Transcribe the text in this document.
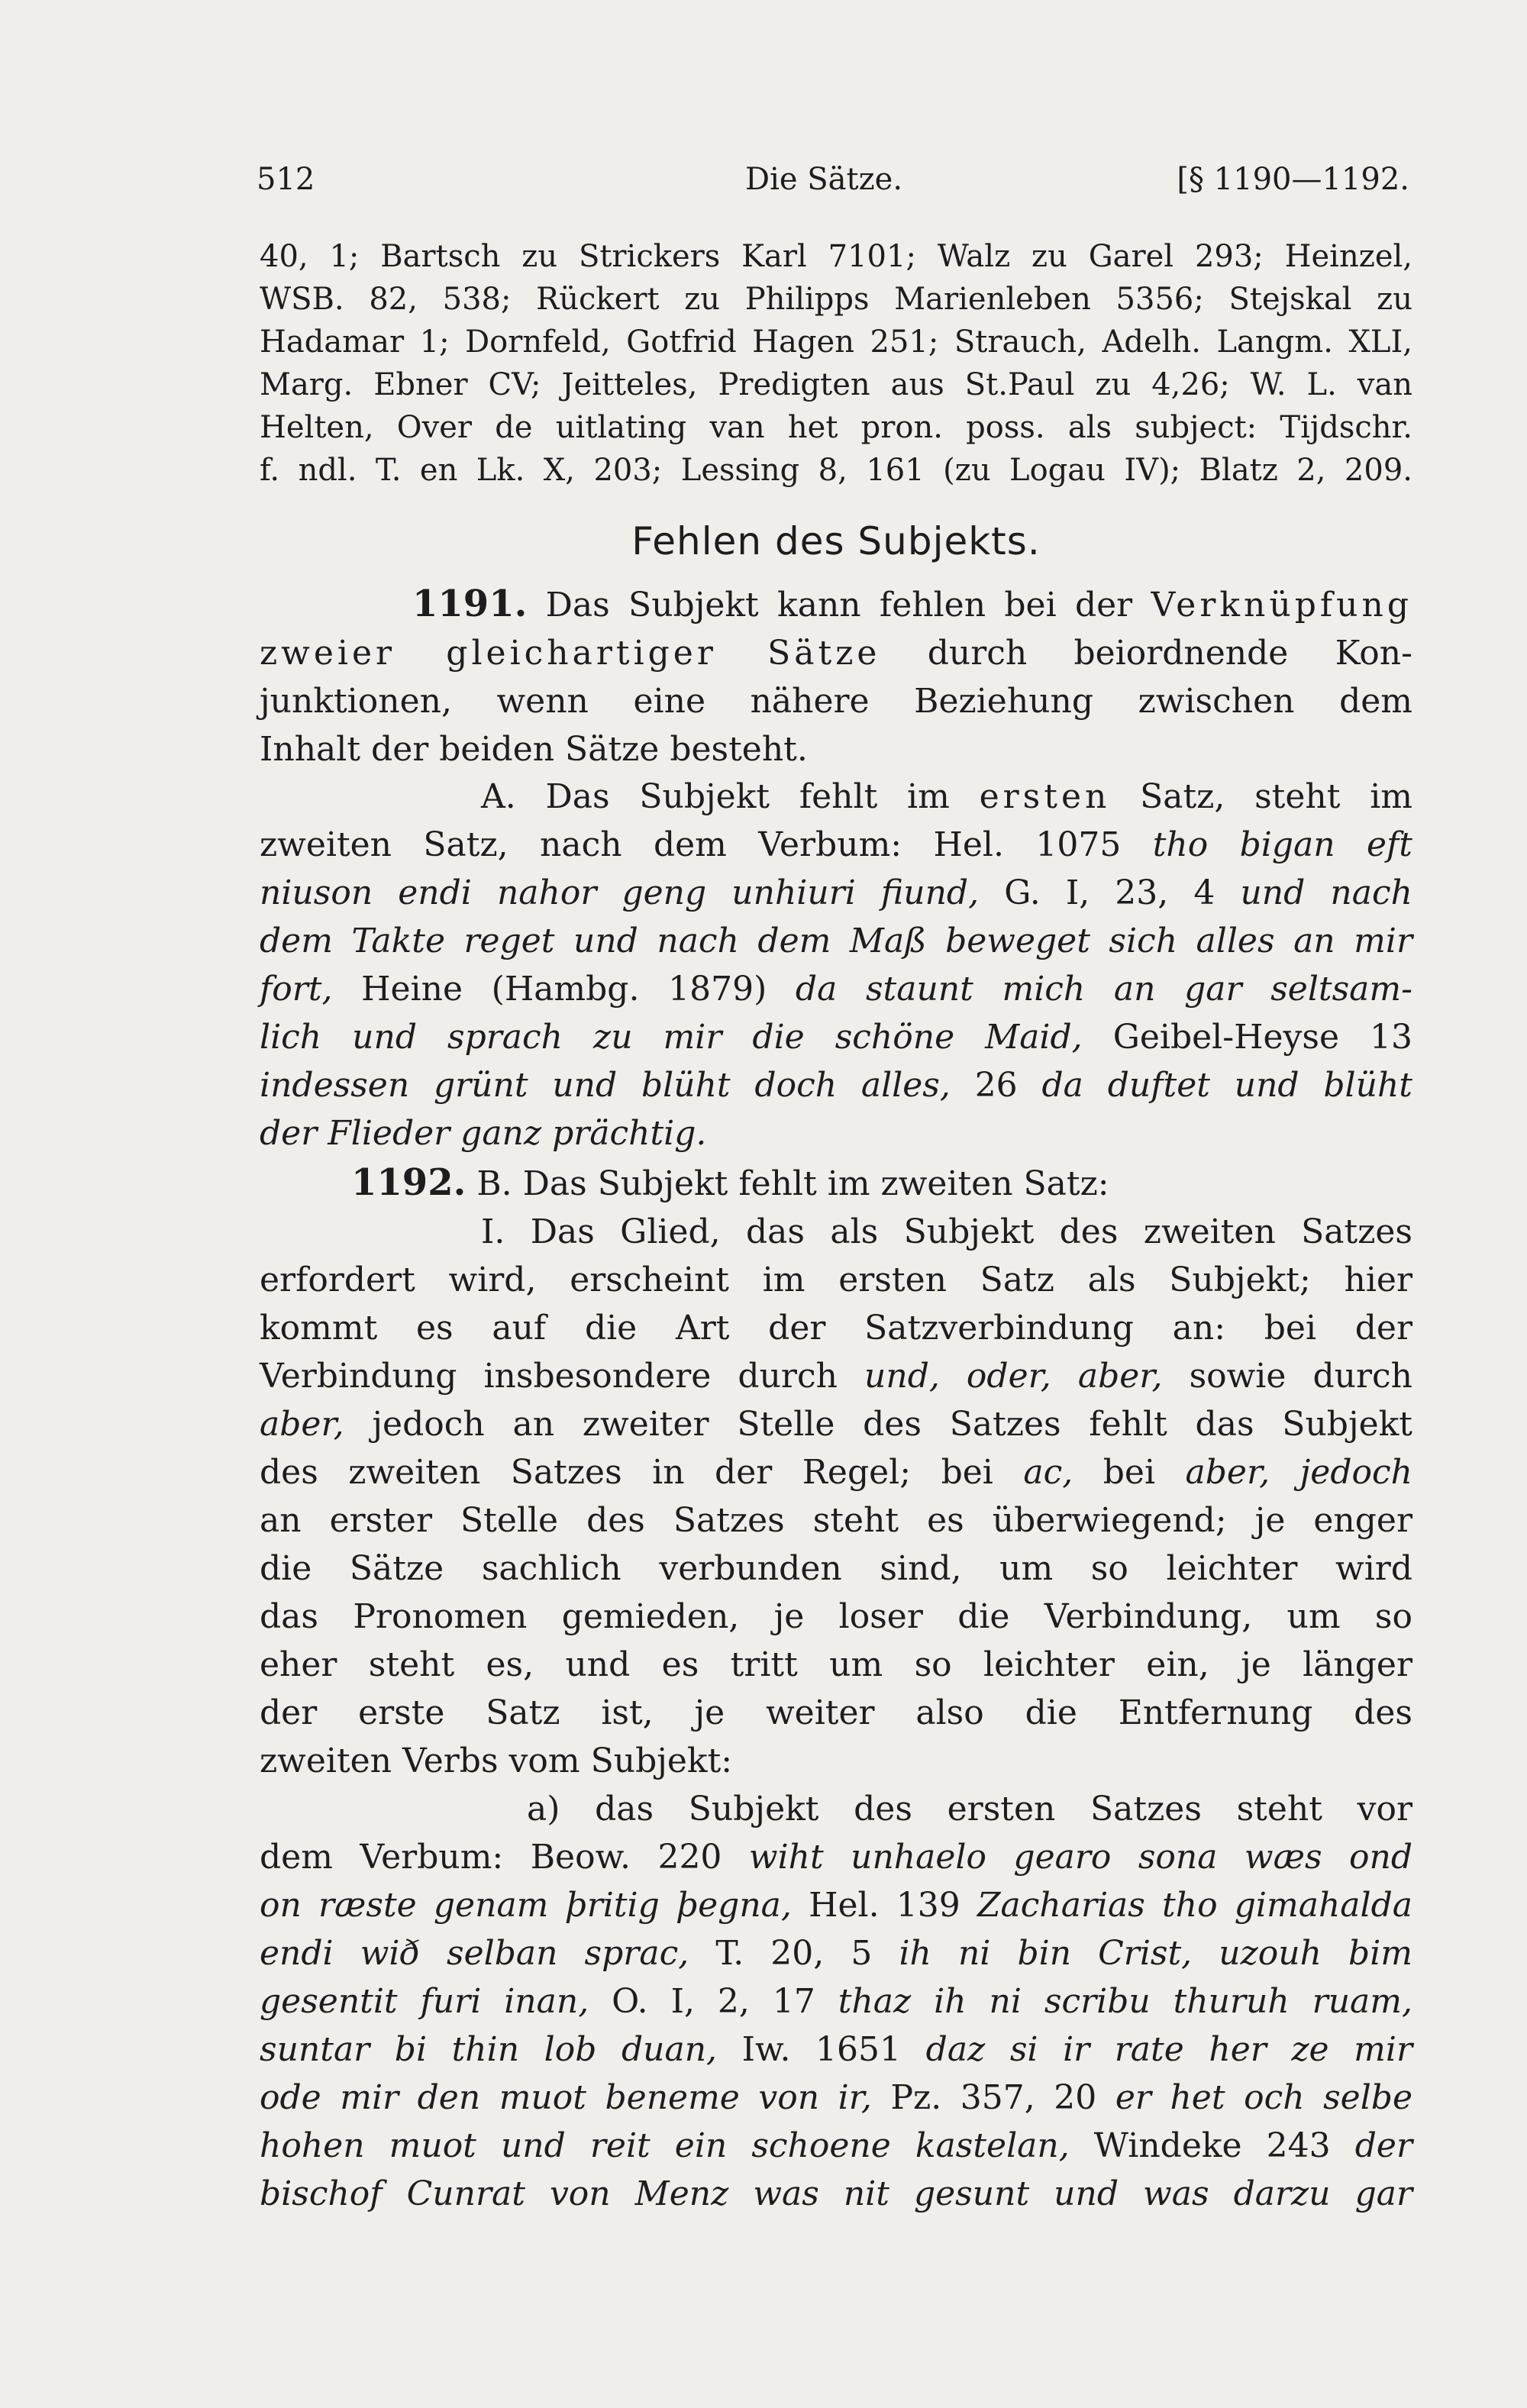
512	Die Sätze.	[§ 1190—1192.
40, 1; Bartsch zu Strickers Karl 7101; Walz zu Garel 293; Heinzel,
WSB. 82, 538; Rückert zu Philipps Marienleben 5356; Stejskal zu
Hadamar 1; Dornfeld, Gotfrid Hagen 251; Strauch, Adelh. Langm. XLI,
Marg. Ebner CV; Jeitteles, Predigten aus St.Paul zu 4,26; W. L. van
Helten, Over de uitlating van het pron. poss. als subject: Tijdschr.
f. ndl. T. en Lk. X, 203; Lessing 8, 161 (zu Logau IV); Blatz 2, 209.
Fehlen des Subjekts.
1191. Das Subjekt kann fehlen bei der Verknüpfung
zweier gleichartiger Sätze durch beiordnende Kon-
junktionen, wenn eine nähere Beziehung zwischen dem
Inhalt der beiden Sätze besteht.
A. Das Subjekt fehlt im ersten Satz, steht im
zweiten Satz, nach dem Verbum: Hel. 1075 tho bigan eft
niuson endi nahor geng unhiuri fiund, G. I, 23, 4 und nach
dem Takte reget und nach dem Maß beweget sich alles an mir
fort, Heine (Hambg. 1879) da staunt mich an gar seltsam-
lich und sprach zu mir die schöne Maid, Geibel-Heyse 13
indessen grünt und blüht doch alles, 26 da duftet und blüht
der Flieder ganz prächtig.
1192. B. Das Subjekt fehlt im zweiten Satz:
I. Das Glied, das als Subjekt des zweiten Satzes
erfordert wird, erscheint im ersten Satz als Subjekt; hier
kommt es auf die Art der Satzverbindung an: bei der
Verbindung insbesondere durch und, oder, aber, sowie durch
aber, jedoch an zweiter Stelle des Satzes fehlt das Subjekt
des zweiten Satzes in der Regel; bei ac, bei aber, jedoch
an erster Stelle des Satzes steht es überwiegend; je enger
die Sätze sachlich verbunden sind, um so leichter wird
das Pronomen gemieden, je loser die Verbindung, um so
eher steht es, und es tritt um so leichter ein, je länger
der erste Satz ist, je weiter also die Entfernung des
zweiten Verbs vom Subjekt:
a) das Subjekt des ersten Satzes steht vor
dem Verbum: Beow. 220 wiht unhaelo gearo sona wæs ond
on ræste genam þritig þegna, Hel. 139 Zacharias tho gimahalda
endi wið selban sprac, T. 20, 5 ih ni bin Crist, uzouh bim
gesentit furi inan, O. I, 2, 17 thaz ih ni scribu thuruh ruam,
suntar bi thin lob duan, Iw. 1651 daz si ir rate her ze mir
ode mir den muot beneme von ir, Pz. 357, 20 er het och selbe
hohen muot und reit ein schoene kastelan, Windeke 243 der
bischof Cunrat von Menz was nit gesunt und was darzu gar
